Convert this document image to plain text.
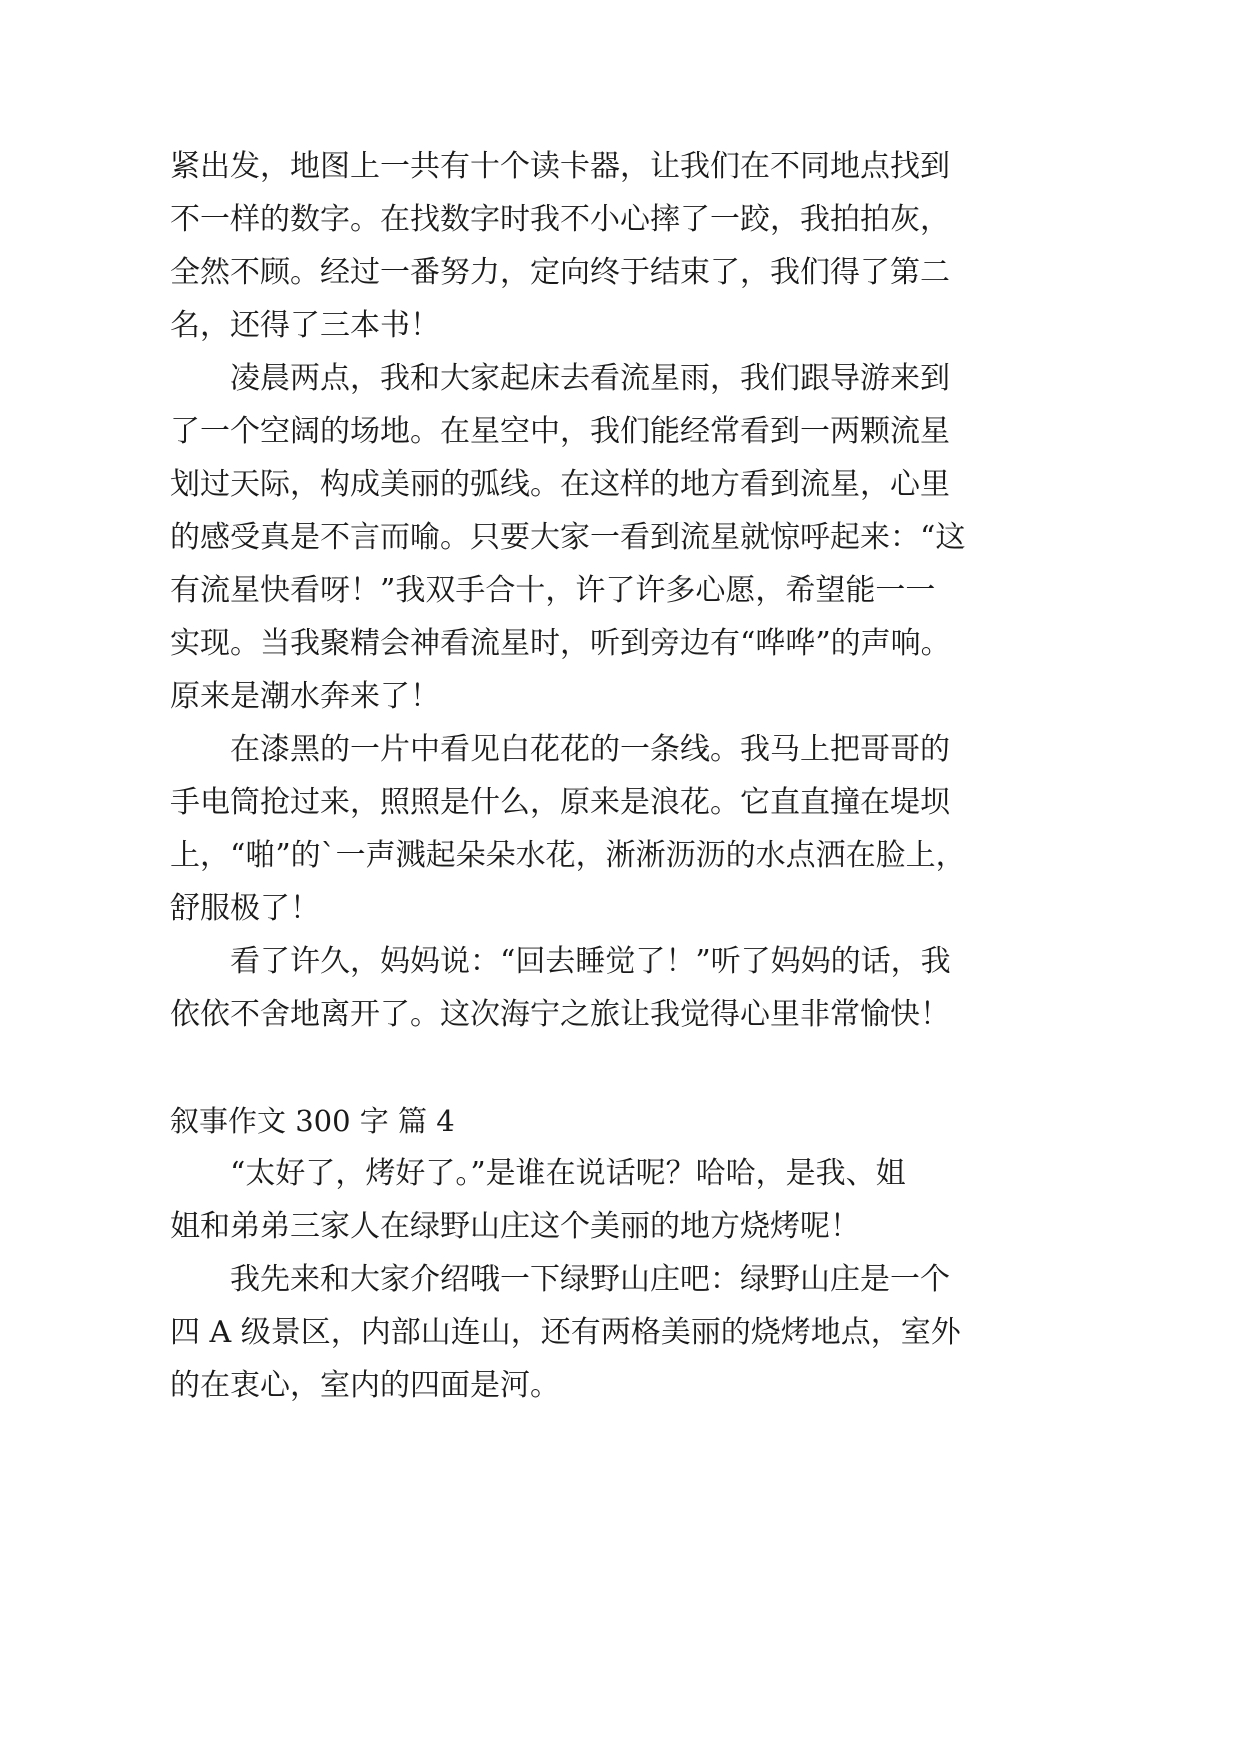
紧出发，地图上一共有十个读卡器，让我们在不同地点找到
不一样的数字。在找数字时我不小心摔了一跤，我拍拍灰，
全然不顾。经过一番努力，定向终于结束了，我们得了第二
名，还得了三本书！
凌晨两点，我和大家起床去看流星雨，我们跟导游来到
了一个空阔的场地。在星空中，我们能经常看到一两颗流星
划过天际，构成美丽的弧线。在这样的地方看到流星，心里
的感受真是不言而喻。只要大家一看到流星就惊呼起来：“这
有流星快看呀！”我双手合十，许了许多心愿，希望能一一
实现。当我聚精会神看流星时，听到旁边有“哗哗”的声响。
原来是潮水奔来了！
在漆黑的一片中看见白花花的一条线。我马上把哥哥的
手电筒抢过来，照照是什么，原来是浪花。它直直撞在堤坝
上，“啪”的`一声溅起朵朵水花，淅淅沥沥的水点洒在脸上，
舒服极了！
看了许久，妈妈说：“回去睡觉了！”听了妈妈的话，我
依依不舍地离开了。这次海宁之旅让我觉得心里非常愉快！
叙事作文 300 字 篇 4
“太好了，烤好了。”是谁在说话呢？哈哈，是我、姐
姐和弟弟三家人在绿野山庄这个美丽的地方烧烤呢！
我先来和大家介绍哦一下绿野山庄吧：绿野山庄是一个
四 A 级景区，内部山连山，还有两格美丽的烧烤地点，室外
的在衷心，室内的四面是河。
